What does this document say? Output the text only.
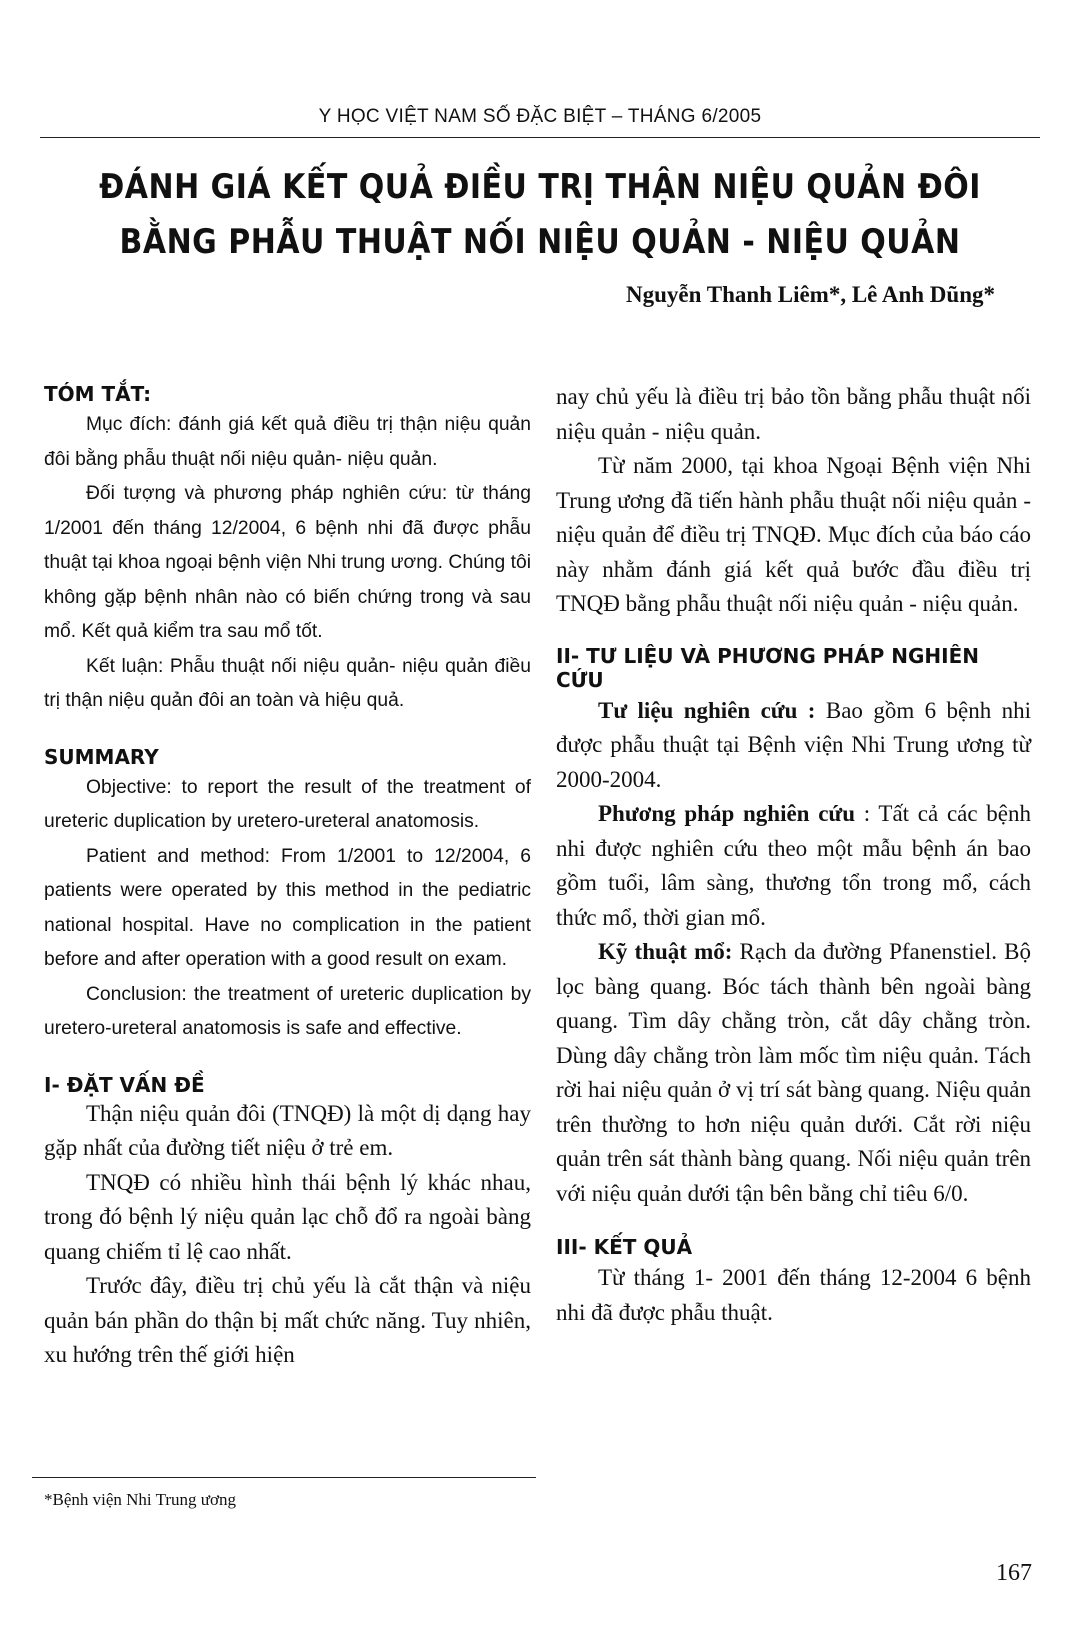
Y HỌC VIỆT NAM SỐ ĐẶC BIỆT – THÁNG 6/2005
ĐÁNH GIÁ KẾT QUẢ ĐIỀU TRỊ THẬN NIỆU QUẢN ĐÔI
BẰNG PHẪU THUẬT NỐI NIỆU QUẢN - NIỆU QUẢN
Nguyễn Thanh Liêm*, Lê Anh Dũng*
TÓM TẮT:

Mục đích: đánh giá kết quả điều trị thận niệu quản đôi bằng phẫu thuật nối niệu quản- niệu quản.

Đối tượng và phương pháp nghiên cứu: từ tháng 1/2001 đến tháng 12/2004, 6 bệnh nhi đã được phẫu thuật tại khoa ngoại bệnh viện Nhi trung ương. Chúng tôi không gặp bệnh nhân nào có biến chứng trong và sau mổ. Kết quả kiểm tra sau mổ tốt.

Kết luận: Phẫu thuật nối niệu quản- niệu quản điều trị thận niệu quản đôi an toàn và hiệu quả.

SUMMARY

Objective: to report the result of the treatment of ureteric duplication by uretero-ureteral anatomosis.

Patient and method: From 1/2001 to 12/2004, 6 patients were operated by this method in the pediatric national hospital. Have no complication in the patient before and after operation with a good result on exam.

Conclusion: the treatment of ureteric duplication by uretero-ureteral anatomosis is safe and effective.

I- ĐẶT VẤN ĐỀ

Thận niệu quản đôi (TNQĐ) là một dị dạng hay gặp nhất của đường tiết niệu ở trẻ em.

TNQĐ có nhiều hình thái bệnh lý khác nhau, trong đó bệnh lý niệu quản lạc chỗ đổ ra ngoài bàng quang chiếm tỉ lệ cao nhất.

Trước đây, điều trị chủ yếu là cắt thận và niệu quản bán phần do thận bị mất chức năng. Tuy nhiên, xu hướng trên thế giới hiện

nay chủ yếu là điều trị bảo tồn bằng phẫu thuật nối niệu quản - niệu quản.

Từ năm 2000, tại khoa Ngoại Bệnh viện Nhi Trung ương đã tiến hành phẫu thuật nối niệu quản - niệu quản để điều trị TNQĐ. Mục đích của báo cáo này nhằm đánh giá kết quả bước đầu điều trị TNQĐ bằng phẫu thuật nối niệu quản - niệu quản.

II- TƯ LIỆU VÀ PHƯƠNG PHÁP NGHIÊN CỨU

Tư liệu nghiên cứu : Bao gồm 6 bệnh nhi được phẫu thuật tại Bệnh viện Nhi Trung ương từ 2000-2004.

Phương pháp nghiên cứu : Tất cả các bệnh nhi được nghiên cứu theo một mẫu bệnh án bao gồm tuổi, lâm sàng, thương tổn trong mổ, cách thức mổ, thời gian mổ.

Kỹ thuật mổ: Rạch da đường Pfanenstiel. Bộ lọc bàng quang. Bóc tách thành bên ngoài bàng quang. Tìm dây chằng tròn, cắt dây chằng tròn. Dùng dây chằng tròn làm mốc tìm niệu quản. Tách rời hai niệu quản ở vị trí sát bàng quang. Niệu quản trên thường to hơn niệu quản dưới. Cắt rời niệu quản trên sát thành bàng quang. Nối niệu quản trên với niệu quản dưới tận bên bằng chỉ tiêu 6/0.

III- KẾT QUẢ

Từ tháng 1- 2001 đến tháng 12-2004 6 bệnh nhi đã được phẫu thuật.

*Bệnh viện Nhi Trung ương
167
